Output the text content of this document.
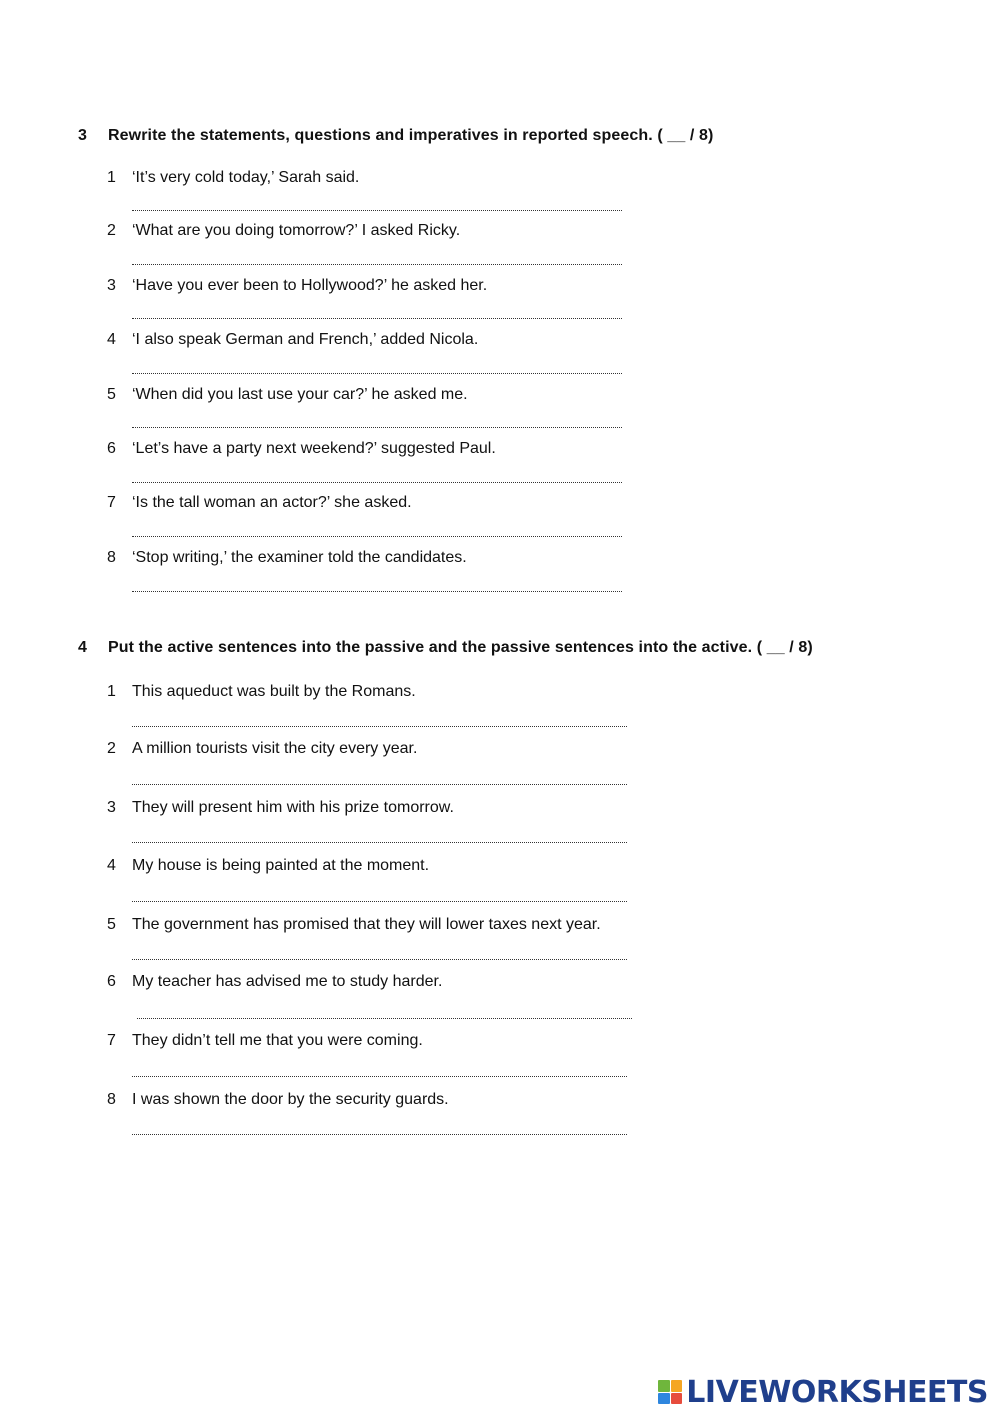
3 Rewrite the statements, questions and imperatives in reported speech. ( __ / 8)
1	‘It’s very cold today,’ Sarah said.
2	‘What are you doing tomorrow?’ I asked Ricky.
3	‘Have you ever been to Hollywood?’ he asked her.
4	‘I also speak German and French,’ added Nicola.
5	‘When did you last use your car?’ he asked me.
6	‘Let’s have a party next weekend?’ suggested Paul.
7	‘Is the tall woman an actor?’ she asked.
8	‘Stop writing,’ the examiner told the candidates.
4 Put the active sentences into the passive and the passive sentences into the active. ( __ / 8)
1	This aqueduct was built by the Romans.
2	A million tourists visit the city every year.
3	They will present him with his prize tomorrow.
4	My house is being painted at the moment.
5	The government has promised that they will lower taxes next year.
6	My teacher has advised me to study harder.
7	They didn’t tell me that you were coming.
8	I was shown the door by the security guards.
LIVEWORKSHEETS
